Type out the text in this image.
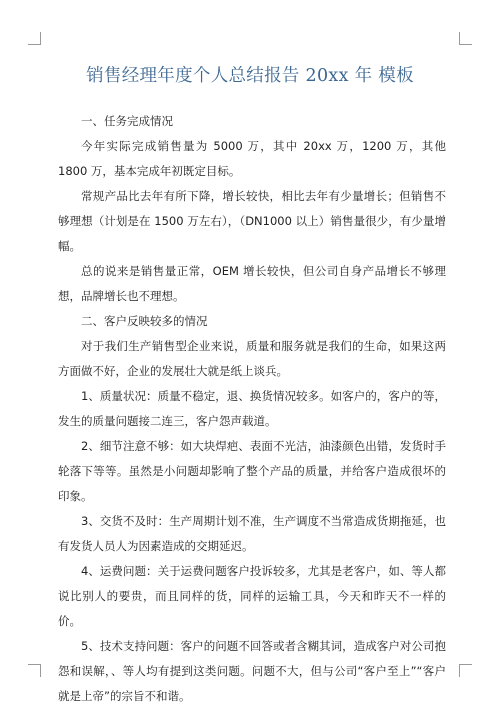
销售经理年度个人总结报告 20xx 年 模板

一、任务完成情况

今年实际完成销售量为 5000 万，其中 20xx 万，1200 万，其他 1800 万，基本完成年初既定目标。

常规产品比去年有所下降，增长较快，相比去年有少量增长；但销售不够理想（计划是在 1500 万左右），（DN1000 以上）销售量很少，有少量增幅。

总的说来是销售量正常，OEM 增长较快，但公司自身产品增长不够理想，品牌增长也不理想。

二、客户反映较多的情况

对于我们生产销售型企业来说，质量和服务就是我们的生命，如果这两方面做不好，企业的发展壮大就是纸上谈兵。

1、质量状况：质量不稳定，退、换货情况较多。如客户的，客户的等，发生的质量问题接二连三，客户怨声载道。

2、细节注意不够：如大块焊疤、表面不光洁，油漆颜色出错，发货时手轮落下等等。虽然是小问题却影响了整个产品的质量，并给客户造成很坏的印象。

3、交货不及时：生产周期计划不准，生产调度不当常造成货期拖延，也有发货人员人为因素造成的交期延迟。

4、运费问题：关于运费问题客户投诉较多，尤其是老客户，如、等人都说比别人的要贵，而且同样的货，同样的运输工具，今天和昨天不一样的价。

5、技术支持问题：客户的问题不回答或者含糊其词，造成客户对公司抱怨和误解，、等人均有提到这类问题。问题不大，但与公司“客户至上”“客户就是上帝”的宗旨不和谐。
